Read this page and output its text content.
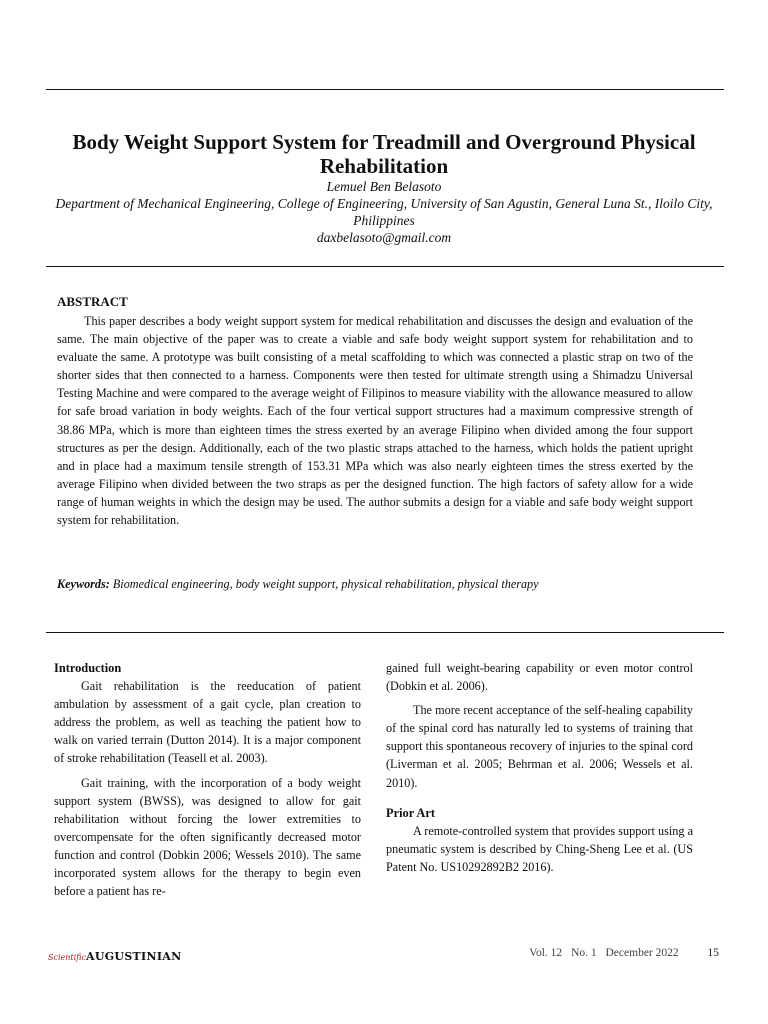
Body Weight Support System for Treadmill and Overground Physical Rehabilitation

Lemuel Ben Belasoto

Department of Mechanical Engineering, College of Engineering, University of San Agustin, General Luna St., Iloilo City, Philippines

daxbelasoto@gmail.com

ABSTRACT

This paper describes a body weight support system for medical rehabilitation and discusses the design and evaluation of the same. The main objective of the paper was to create a viable and safe body weight support system for rehabilitation and to evaluate the same. A prototype was built consisting of a metal scaffolding to which was connected a plastic strap on two of the shorter sides that then connected to a harness. Components were then tested for ultimate strength using a Shimadzu Universal Testing Machine and were compared to the average weight of Filipinos to measure viability with the allowance measured to allow for safe broad variation in body weights. Each of the four vertical support structures had a maximum compressive strength of 38.86 MPa, which is more than eighteen times the stress exerted by an average Filipino when divided among the four support structures as per the design. Additionally, each of the two plastic straps attached to the harness, which holds the patient upright and in place had a maximum tensile strength of 153.31 MPa which was also nearly eighteen times the stress exerted by the average Filipino when divided between the two straps as per the designed function. The high factors of safety allow for a wide range of human weights in which the design may be used. The author submits a design for a viable and safe body weight support system for rehabilitation.

Keywords: Biomedical engineering, body weight support, physical rehabilitation, physical therapy

Introduction

Gait rehabilitation is the reeducation of patient ambulation by assessment of a gait cycle, plan creation to address the problem, as well as teaching the patient how to walk on varied terrain (Dutton 2014). It is a major component of stroke rehabilitation (Teasell et al. 2003).

Gait training, with the incorporation of a body weight support system (BWSS), was designed to allow for gait rehabilitation without forcing the lower extremities to overcompensate for the often significantly decreased motor function and control (Dobkin 2006; Wessels 2010). The same incorporated system allows for the therapy to begin even before a patient has re-

gained full weight-bearing capability or even motor control (Dobkin et al. 2006).

The more recent acceptance of the self-healing capability of the spinal cord has naturally led to systems of training that support this spontaneous recovery of injuries to the spinal cord (Liverman et al. 2005; Behrman et al. 2006; Wessels et al. 2010).

Prior Art

A remote-controlled system that provides support using a pneumatic system is described by Ching-Sheng Lee et al. (US Patent No. US10292892B2 2016).

ScientificAUGUSTINIAN	Vol. 12 No. 1 December 2022	15
